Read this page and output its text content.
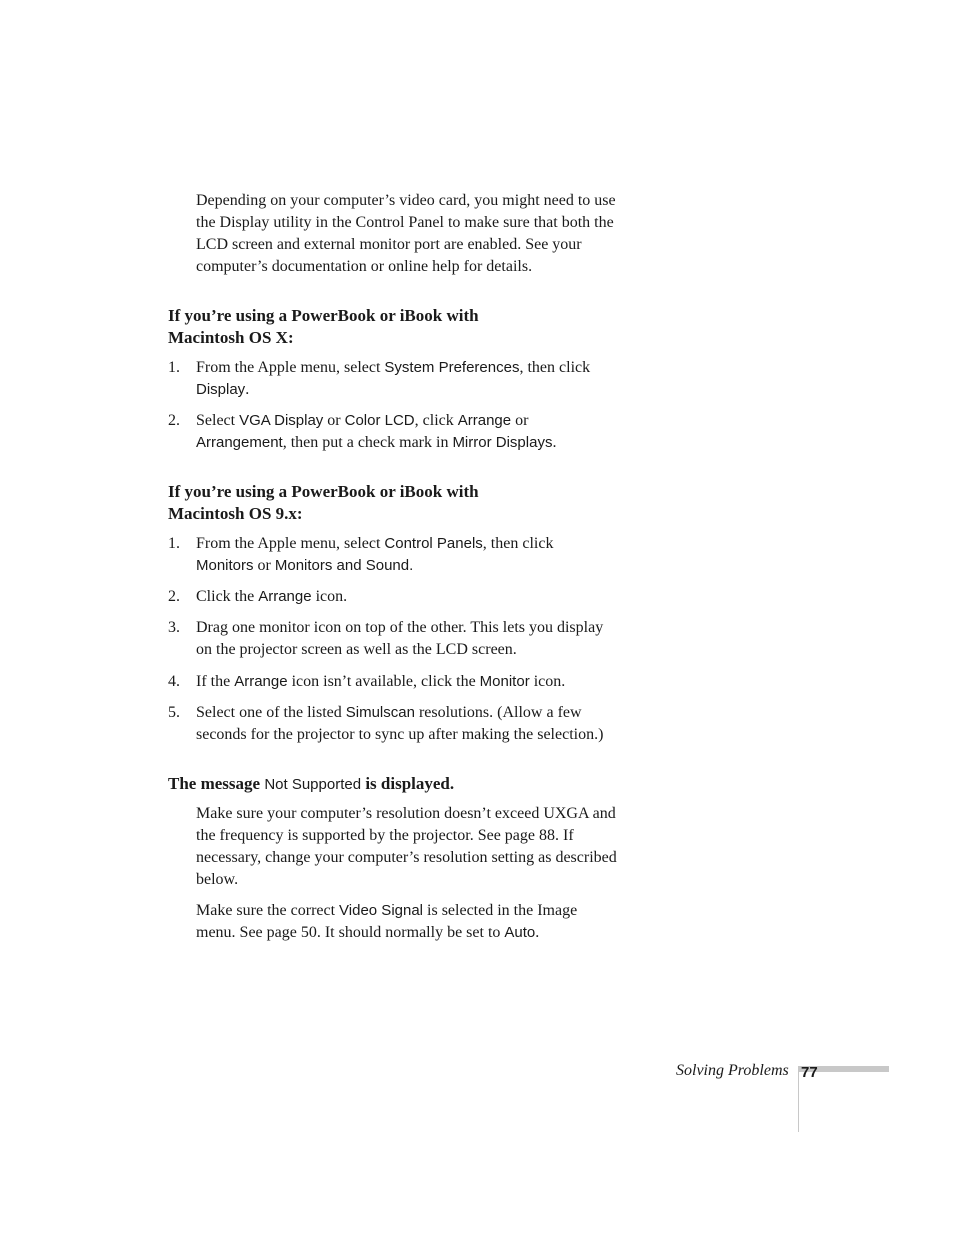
Depending on your computer’s video card, you might need to use
the Display utility in the Control Panel to make sure that both the
LCD screen and external monitor port are enabled. See your
computer’s documentation or online help for details.

If you’re using a PowerBook or iBook with
Macintosh OS X:
1. From the Apple menu, select System Preferences, then click
Display.
2. Select VGA Display or Color LCD, click Arrange or
Arrangement, then put a check mark in Mirror Displays.
If you’re using a PowerBook or iBook with
Macintosh OS 9.x:
1. From the Apple menu, select Control Panels, then click
Monitors or Monitors and Sound.
2. Click the Arrange icon.
3. Drag one monitor icon on top of the other. This lets you display
on the projector screen as well as the LCD screen.
4. If the Arrange icon isn’t available, click the Monitor icon.
5. Select one of the listed Simulscan resolutions. (Allow a few
seconds for the projector to sync up after making the selection.)
The message Not Supported is displayed.

Make sure your computer’s resolution doesn’t exceed UXGA and
the frequency is supported by the projector. See page 88. If
necessary, change your computer’s resolution setting as described
below.

Make sure the correct Video Signal is selected in the Image
menu. See page 50. It should normally be set to Auto.

Solving Problems 77
